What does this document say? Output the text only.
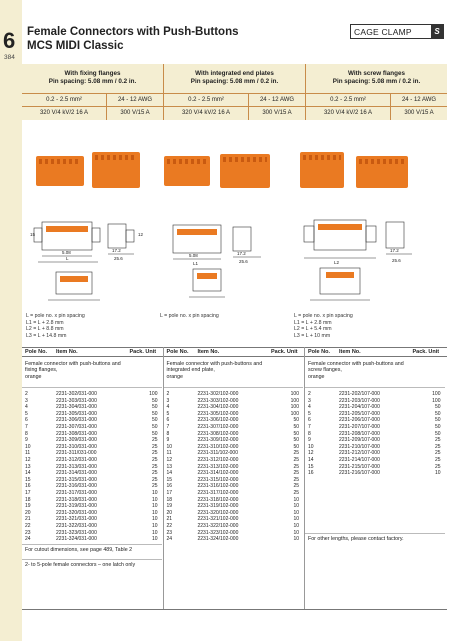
6
384
Female Connectors with Push-Buttons
MCS MIDI Classic
CAGE CLAMP	S
With fixing flanges
Pin spacing: 5.08 mm / 0.2 in.
0.2 - 2.5 mm²	24 - 12 AWG
320 V/4 kV/2 16 A	300 V/15 A
With integrated end plates
Pin spacing: 5.08 mm / 0.2 in.
0.2 - 2.5 mm²	24 - 12 AWG
320 V/4 kV/2 16 A	300 V/15 A
With screw flanges
Pin spacing: 5.08 mm / 0.2 in.
0.2 - 2.5 mm²	24 - 12 AWG
320 V/4 kV/2 16 A	300 V/15 A
5.08	17.2
25.6
15	12
L
5.08	17.2
25.6
L1
17.2
25.6
L2
L = pole no. x pin spacing
L1 = L + 2.8 mm
L2 = L + 8.8 mm
L3 = L + 14.8 mm
L = pole no. x pin spacing	L = pole no. x pin spacing
L1 = L + 2.8 mm
L2 = L + 5.4 mm
L3 = L + 10 mm
Pole No. Item No.	Pack. Unit
Female connector with push-buttons and
fixing flanges,
orange
2	2231-302/031-000	100
3	2231-303/031-000	50
4	2231-304/031-000	50
5	2231-305/031-000	50
6	2231-306/031-000	50
7	2231-307/031-000	50
8	2231-308/031-000	50
9	2231-309/031-000	25
10	2231-310/031-000	25
11	2231-311/031-000	25
12	2231-312/031-000	25
13	2231-313/031-000	25
14	2231-314/031-000	25
15	2231-315/031-000	25
16	2231-316/031-000	25
17	2231-317/031-000	10
18	2231-318/031-000	10
19	2231-319/031-000	10
20	2231-320/031-000	10
21	2231-321/031-000	10
22	2231-322/031-000	10
23	2231-323/031-000	10
24	2231-324/031-000	10
For cutout dimensions, see page 489, Table 2
2- to 5-pole female connectors – one latch only
Pole No. Item No.	Pack. Unit
Female connector with push-buttons and
integrated end plate,
orange
2	2231-302/102-000	100
3	2231-303/102-000	100
4	2231-304/102-000	100
5	2231-305/102-000	100
6	2231-306/102-000	50
7	2231-307/102-000	50
8	2231-308/102-000	50
9	2231-309/102-000	50
10	2231-310/102-000	50
11	2231-311/102-000	25
12	2231-312/102-000	25
13	2231-313/102-000	25
14	2231-314/102-000	25
15	2231-315/102-000	25
16	2231-316/102-000	25
17	2231-317/102-000	25
18	2231-318/102-000	10
19	2231-319/102-000	10
20	2231-320/102-000	10
21	2231-321/102-000	10
22	2231-322/102-000	10
23	2231-323/102-000	10
24	2231-324/102-000	10
Pole No. Item No.	Pack. Unit
Female connector with push-buttons and
screw flanges,
orange
2	2231-202/107-000	100
3	2231-203/107-000	100
4	2231-204/107-000	50
5	2231-205/107-000	50
6	2231-206/107-000	50
7	2231-207/107-000	50
8	2231-208/107-000	50
9	2231-209/107-000	25
10	2231-210/107-000	25
12	2231-212/107-000	25
14	2231-214/107-000	25
15	2231-215/107-000	25
16	2231-216/107-000	10
For other lengths, please contact factory.
